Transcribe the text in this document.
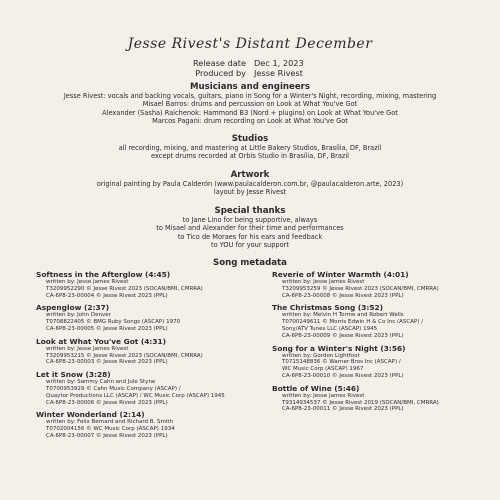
Jesse Rivest's Distant December
Release date Dec 1, 2023
Produced by Jesse Rivest
Musicians and engineers
Jesse Rivest: vocals and backing vocals, guitars, piano in Song for a Winter's Night, recording, mixing, mastering
Misael Barros: drums and percussion on Look at What You've Got
Alexander (Sasha) Raichenok: Hammond B3 (Nord + plugins) on Look at What You've Got
Marcos Pagani: drum recording on Look at What You've Got
Studios
all recording, mixing, and mastering at Little Bakery Studios, Brasília, DF, Brazil
except drums recorded at Orbis Studio in Brasília, DF, Brazil
Artwork
original painting by Paula Calderón (www.paulacalderon.com.br, @paulacalderon.arte, 2023)
layout by Jesse Rivest
Special thanks
to Jane Lino for being supportive, always
to Misael and Alexander for their time and performances
to Tico de Moraes for his ears and feedback
to YOU for your support
Song metadata
Softness in the Afterglow (4:45)
written by: Jesse James Rivest
T3209952290 © Jesse Rivest 2023 (SOCAN/BMI, CMRRA)
CA-6P8-23-00004 © Jesse Rivest 2023 (PPL)
Aspenglow (2:37)
written by: John Denver
T0708822405 © BMG Ruby Songs (ASCAP) 1970
CA-6P8-23-00005 © Jesse Rivest 2023 (PPL)
Look at What You've Got (4:31)
written by: Jesse James Rivest
T3209953215 © Jesse Rivest 2023 (SOCAN/BMI, CMRRA)
CA-6P8-23-00003 © Jesse Rivest 2023 (PPL)
Let it Snow (3:28)
written by: Sammy Cahn and Jule Styne
T0700953929 © Cahn Music Company (ASCAP) /
Quaytor Productions LLC (ASCAP) / WC Music Corp (ASCAP) 1945
CA-6P8-23-00006 © Jesse Rivest 2023 (PPL)
Winter Wonderland (2:14)
written by: Felix Bernard and Richard B. Smith
T0702004156 © WC Music Corp (ASCAP) 1934
CA-6P8-23-00007 © Jesse Rivest 2023 (PPL)
Reverie of Winter Warmth (4:01)
written by: Jesse James Rivest
T3209953259 © Jesse Rivest 2023 (SOCAN/BMI, CMRRA)
CA-6P8-23-00008 © Jesse Rivest 2023 (PPL)
The Christmas Song (3:52)
written by: Melvin H Torme and Robert Wells
T0700249611 © Morris Edwin H & Co Inc (ASCAP) /
Sony/ATV Tunes LLC (ASCAP) 1945
CA-6P8-23-00009 © Jesse Rivest 2023 (PPL)
Song for a Winter's Night (3:56)
written by: Gordon Lightfoot
T0715148836 © Warner Bros Inc (ASCAP) /
WC Music Corp (ASCAP) 1967
CA-6P8-23-00010 © Jesse Rivest 2023 (PPL)
Bottle of Wine (5:46)
written by: Jesse James Rivest
T9314934537 © Jesse Rivest 2019 (SOCAN/BMI, CMRRA)
CA-6P8-23-00011 © Jesse Rivest 2023 (PPL)
